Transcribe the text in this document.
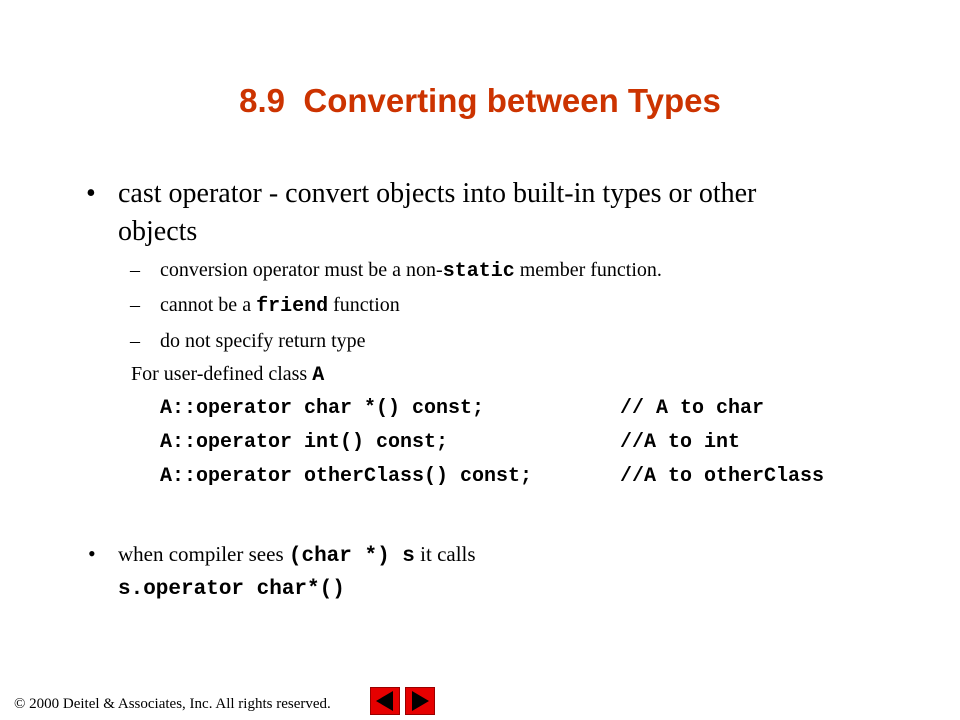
8.9  Converting between Types
• cast operator - convert objects into built-in types or other
objects
– conversion operator must be a non-static member function.
– cannot be a friend function
– do not specify return type
For user-defined class A
A::operator char *() const;	// A to char
A::operator int() const;	//A to int
A::operator otherClass() const;	//A to otherClass
• when compiler sees (char *) s it calls
s.operator char*()
© 2000 Deitel & Associates, Inc. All rights reserved.
